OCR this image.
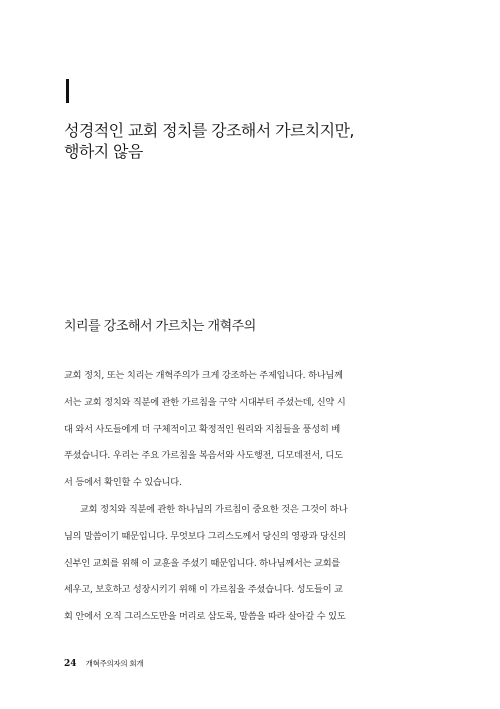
성경적인 교회 정치를 강조해서 가르치지만,
행하지 않음
치리를 강조해서 가르치는 개혁주의
교회 정치, 또는 치리는 개혁주의가 크게 강조하는 주제입니다. 하나님께
서는 교회 정치와 직분에 관한 가르침을 구약 시대부터 주셨는데, 신약 시
대 와서 사도들에게 더 구체적이고 확정적인 원리와 지침들을 풍성히 베
푸셨습니다. 우리는 주요 가르침을 복음서와 사도행전, 디모데전서, 디도
서 등에서 확인할 수 있습니다.
교회 정치와 직분에 관한 하나님의 가르침이 중요한 것은 그것이 하나
님의 말씀이기 때문입니다. 무엇보다 그리스도께서 당신의 영광과 당신의
신부인 교회를 위해 이 교훈을 주셨기 때문입니다. 하나님께서는 교회를
세우고, 보호하고 성장시키기 위해 이 가르침을 주셨습니다. 성도들이 교
회 안에서 오직 그리스도만을 머리로 삼도록, 말씀을 따라 살아갈 수 있도
24 개혁주의자의 회개
